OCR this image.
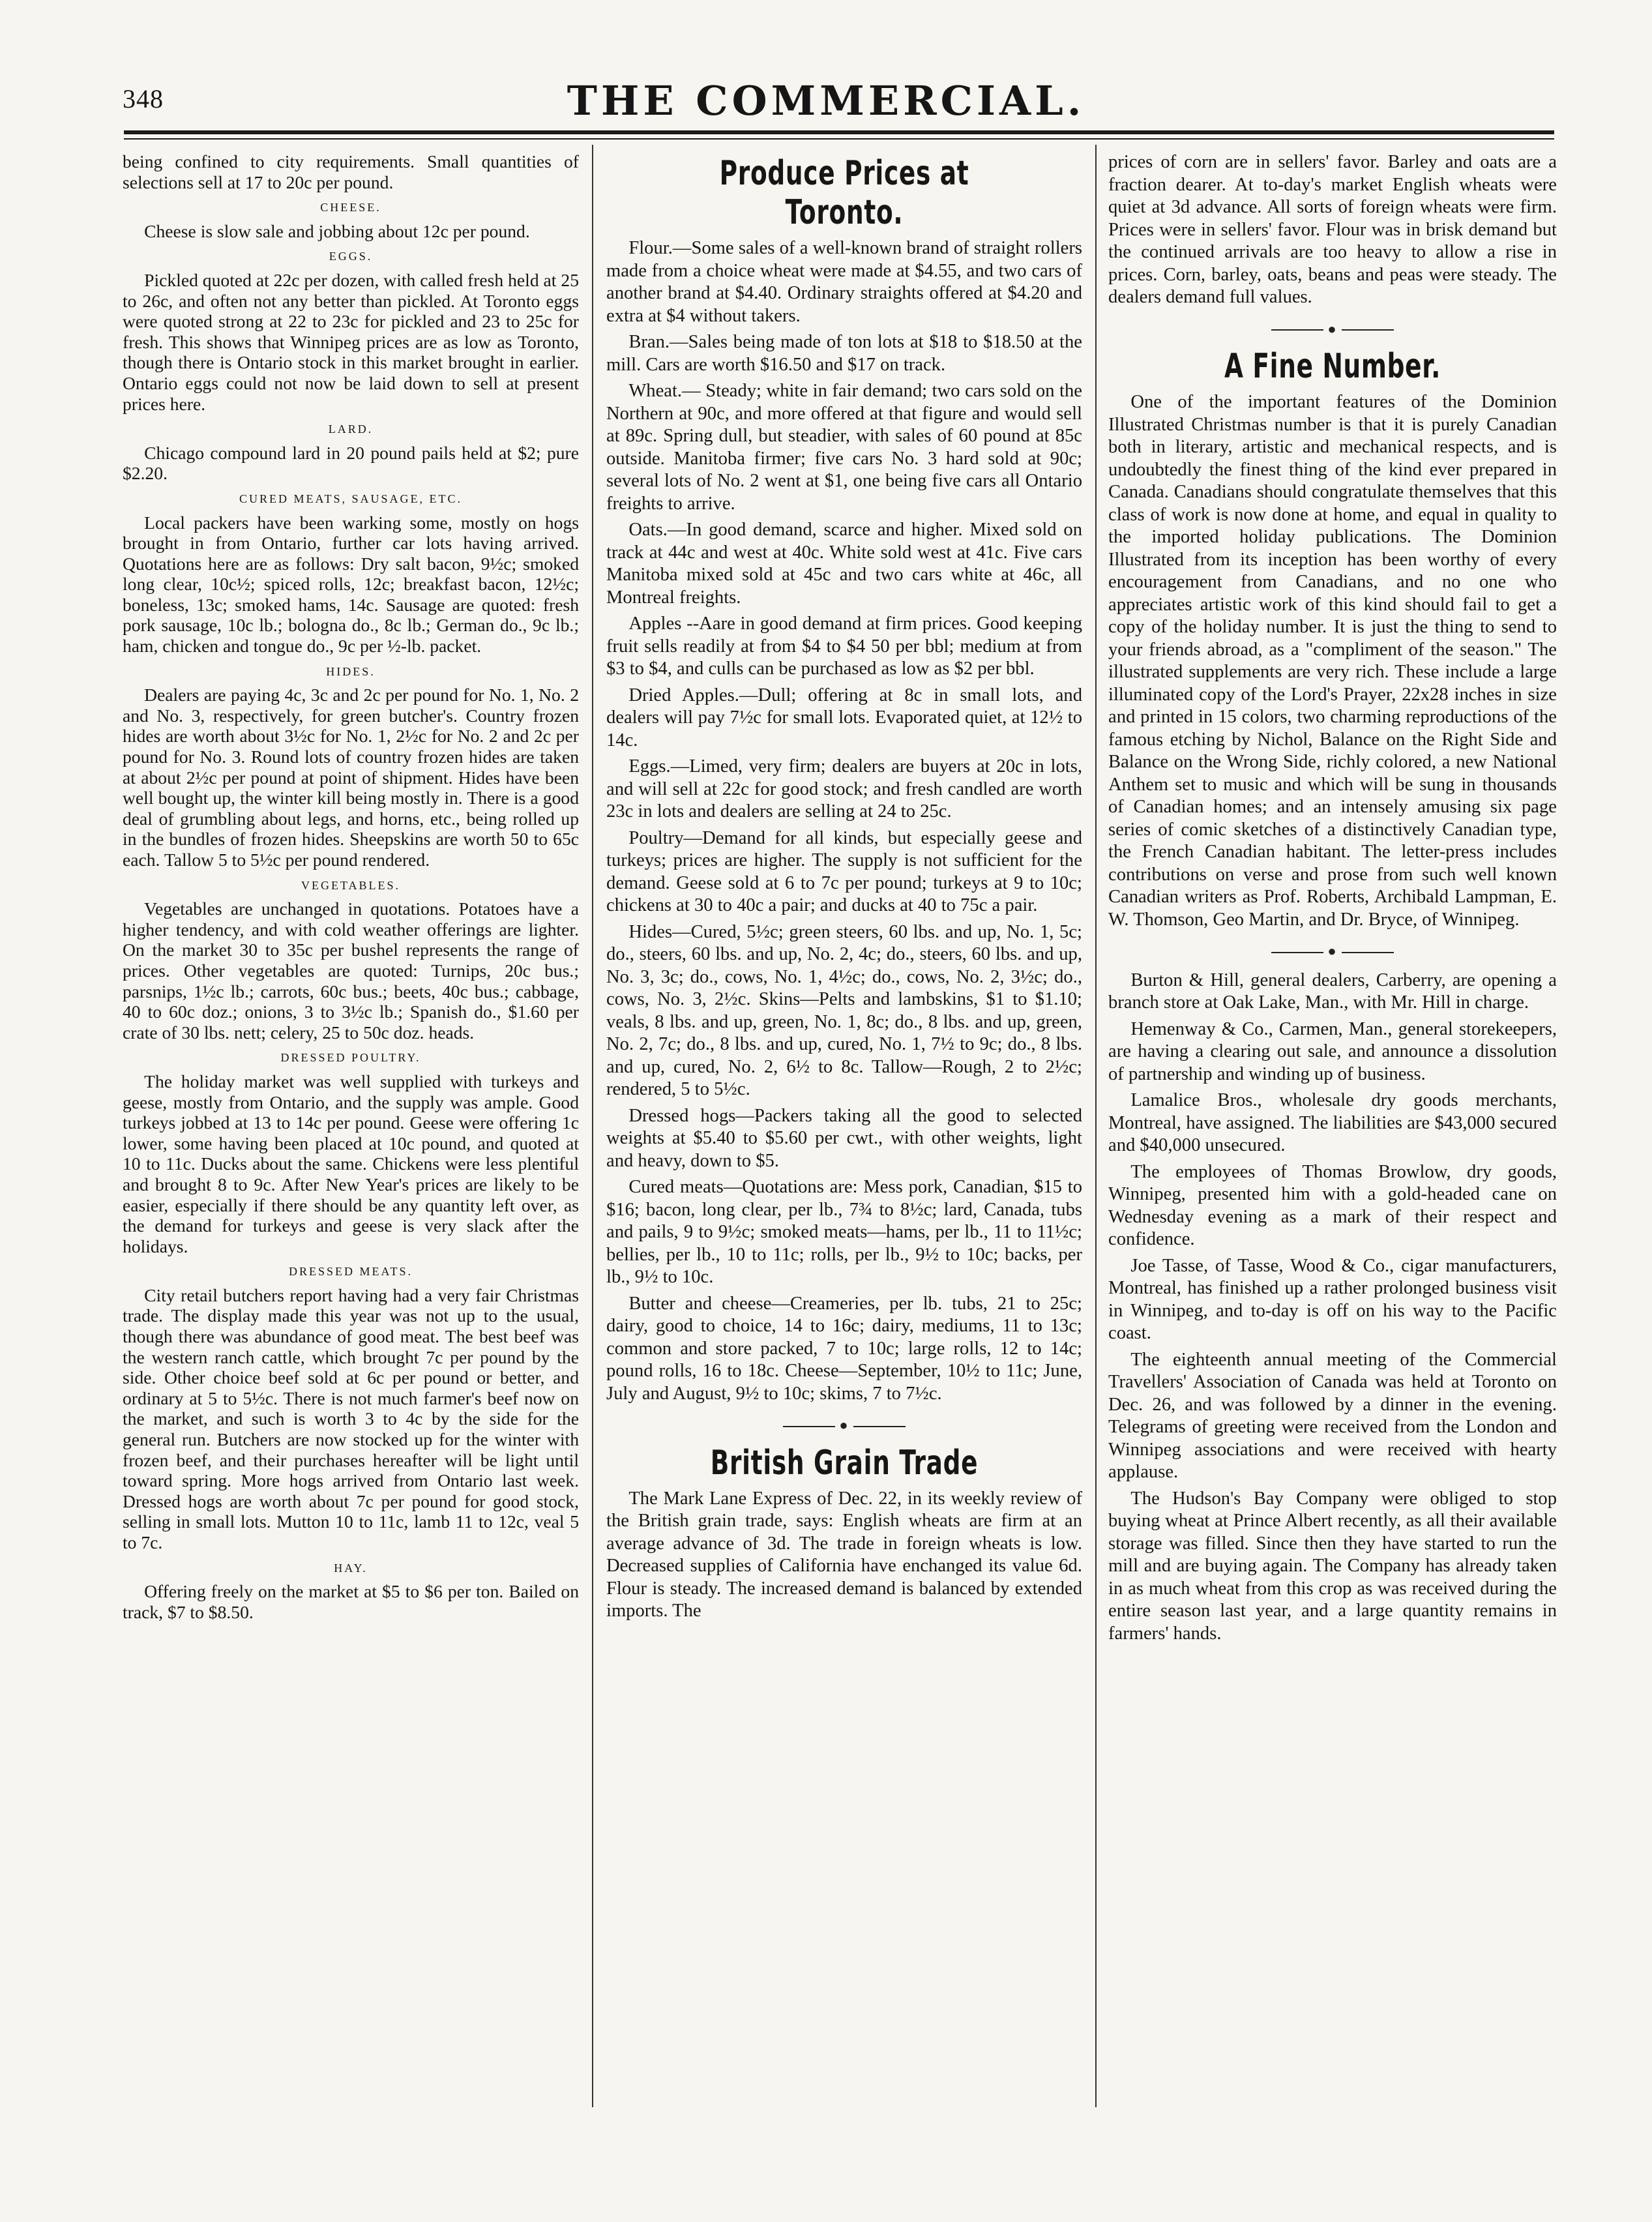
348	THE COMMERCIAL.

being confined to city requirements. Small quantities of selections sell at 17 to 20c per pound.

CHEESE.

Cheese is slow sale and jobbing about 12c per pound.

EGGS.

Pickled quoted at 22c per dozen, with called fresh held at 25 to 26c, and often not any better than pickled. At Toronto eggs were quoted strong at 22 to 23c for pickled and 23 to 25c for fresh. This shows that Winnipeg prices are as low as Toronto, though there is Ontario stock in this market brought in earlier. Ontario eggs could not now be laid down to sell at present prices here.

LARD.

Chicago compound lard in 20 pound pails held at $2; pure $2.20.

CURED MEATS, SAUSAGE, ETC.

Local packers have been warking some, mostly on hogs brought in from Ontario, further car lots having arrived. Quotations here are as follows: Dry salt bacon, 9½c; smoked long clear, 10c½; spiced rolls, 12c; breakfast bacon, 12½c; boneless, 13c; smoked hams, 14c. Sausage are quoted: fresh pork sausage, 10c lb.; bologna do., 8c lb.; German do., 9c lb.; ham, chicken and tongue do., 9c per ½-lb. packet.

HIDES.

Dealers are paying 4c, 3c and 2c per pound for No. 1, No. 2 and No. 3, respectively, for green butcher's. Country frozen hides are worth about 3½c for No. 1, 2½c for No. 2 and 2c per pound for No. 3. Round lots of country frozen hides are taken at about 2½c per pound at point of shipment. Hides have been well bought up, the winter kill being mostly in. There is a good deal of grumbling about legs, and horns, etc., being rolled up in the bundles of frozen hides. Sheepskins are worth 50 to 65c each. Tallow 5 to 5½c per pound rendered.

VEGETABLES.

Vegetables are unchanged in quotations. Potatoes have a higher tendency, and with cold weather offerings are lighter. On the market 30 to 35c per bushel represents the range of prices. Other vegetables are quoted: Turnips, 20c bus.; parsnips, 1½c lb.; carrots, 60c bus.; beets, 40c bus.; cabbage, 40 to 60c doz.; onions, 3 to 3½c lb.; Spanish do., $1.60 per crate of 30 lbs. nett; celery, 25 to 50c doz. heads.

DRESSED POULTRY.

The holiday market was well supplied with turkeys and geese, mostly from Ontario, and the supply was ample. Good turkeys jobbed at 13 to 14c per pound. Geese were offering 1c lower, some having been placed at 10c pound, and quoted at 10 to 11c. Ducks about the same. Chickens were less plentiful and brought 8 to 9c. After New Year's prices are likely to be easier, especially if there should be any quantity left over, as the demand for turkeys and geese is very slack after the holidays.

DRESSED MEATS.

City retail butchers report having had a very fair Christmas trade. The display made this year was not up to the usual, though there was abundance of good meat. The best beef was the western ranch cattle, which brought 7c per pound by the side. Other choice beef sold at 6c per pound or better, and ordinary at 5 to 5½c. There is not much farmer's beef now on the market, and such is worth 3 to 4c by the side for the general run. Butchers are now stocked up for the winter with frozen beef, and their purchases hereafter will be light until toward spring. More hogs arrived from Ontario last week. Dressed hogs are worth about 7c per pound for good stock, selling in small lots. Mutton 10 to 11c, lamb 11 to 12c, veal 5 to 7c.

HAY.

Offering freely on the market at $5 to $6 per ton. Bailed on track, $7 to $8.50.

Produce Prices at Toronto.

Flour.—Some sales of a well-known brand of straight rollers made from a choice wheat were made at $4.55, and two cars of another brand at $4.40. Ordinary straights offered at $4.20 and extra at $4 without takers.

Bran.—Sales being made of ton lots at $18 to $18.50 at the mill. Cars are worth $16.50 and $17 on track.

Wheat.— Steady; white in fair demand; two cars sold on the Northern at 90c, and more offered at that figure and would sell at 89c. Spring dull, but steadier, with sales of 60 pound at 85c outside. Manitoba firmer; five cars No. 3 hard sold at 90c; several lots of No. 2 went at $1, one being five cars all Ontario freights to arrive.

Oats.—In good demand, scarce and higher. Mixed sold on track at 44c and west at 40c. White sold west at 41c. Five cars Manitoba mixed sold at 45c and two cars white at 46c, all Montreal freights.

Apples --Aare in good demand at firm prices. Good keeping fruit sells readily at from $4 to $4 50 per bbl; medium at from $3 to $4, and culls can be purchased as low as $2 per bbl.

Dried Apples.—Dull; offering at 8c in small lots, and dealers will pay 7½c for small lots. Evaporated quiet, at 12½ to 14c.

Eggs.—Limed, very firm; dealers are buyers at 20c in lots, and will sell at 22c for good stock; and fresh candled are worth 23c in lots and dealers are selling at 24 to 25c.

Poultry—Demand for all kinds, but especially geese and turkeys; prices are higher. The supply is not sufficient for the demand. Geese sold at 6 to 7c per pound; turkeys at 9 to 10c; chickens at 30 to 40c a pair; and ducks at 40 to 75c a pair.

Hides—Cured, 5½c; green steers, 60 lbs. and up, No. 1, 5c; do., steers, 60 lbs. and up, No. 2, 4c; do., steers, 60 lbs. and up, No. 3, 3c; do., cows, No. 1, 4½c; do., cows, No. 2, 3½c; do., cows, No. 3, 2½c. Skins—Pelts and lambskins, $1 to $1.10; veals, 8 lbs. and up, green, No. 1, 8c; do., 8 lbs. and up, green, No. 2, 7c; do., 8 lbs. and up, cured, No. 1, 7½ to 9c; do., 8 lbs. and up, cured, No. 2, 6½ to 8c. Tallow—Rough, 2 to 2½c; rendered, 5 to 5½c.

Dressed hogs—Packers taking all the good to selected weights at $5.40 to $5.60 per cwt., with other weights, light and heavy, down to $5.

Cured meats—Quotations are: Mess pork, Canadian, $15 to $16; bacon, long clear, per lb., 7¾ to 8½c; lard, Canada, tubs and pails, 9 to 9½c; smoked meats—hams, per lb., 11 to 11½c; bellies, per lb., 10 to 11c; rolls, per lb., 9½ to 10c; backs, per lb., 9½ to 10c.

Butter and cheese—Creameries, per lb. tubs, 21 to 25c; dairy, good to choice, 14 to 16c; dairy, mediums, 11 to 13c; common and store packed, 7 to 10c; large rolls, 12 to 14c; pound rolls, 16 to 18c. Cheese—September, 10½ to 11c; June, July and August, 9½ to 10c; skims, 7 to 7½c.

●
British Grain Trade

The Mark Lane Express of Dec. 22, in its weekly review of the British grain trade, says: English wheats are firm at an average advance of 3d. The trade in foreign wheats is low. Decreased supplies of California have enchanged its value 6d. Flour is steady. The increased demand is balanced by extended imports. The

prices of corn are in sellers' favor. Barley and oats are a fraction dearer. At to-day's market English wheats were quiet at 3d advance. All sorts of foreign wheats were firm. Prices were in sellers' favor. Flour was in brisk demand but the continued arrivals are too heavy to allow a rise in prices. Corn, barley, oats, beans and peas were steady. The dealers demand full values.

●
A Fine Number.

One of the important features of the Dominion Illustrated Christmas number is that it is purely Canadian both in literary, artistic and mechanical respects, and is undoubtedly the finest thing of the kind ever prepared in Canada. Canadians should congratulate themselves that this class of work is now done at home, and equal in quality to the imported holiday publications. The Dominion Illustrated from its inception has been worthy of every encouragement from Canadians, and no one who appreciates artistic work of this kind should fail to get a copy of the holiday number. It is just the thing to send to your friends abroad, as a "compliment of the season." The illustrated supplements are very rich. These include a large illuminated copy of the Lord's Prayer, 22x28 inches in size and printed in 15 colors, two charming reproductions of the famous etching by Nichol, Balance on the Right Side and Balance on the Wrong Side, richly colored, a new National Anthem set to music and which will be sung in thousands of Canadian homes; and an intensely amusing six page series of comic sketches of a distinctively Canadian type, the French Canadian habitant. The letter-press includes contributions on verse and prose from such well known Canadian writers as Prof. Roberts, Archibald Lampman, E. W. Thomson, Geo Martin, and Dr. Bryce, of Winnipeg.

●

Burton & Hill, general dealers, Carberry, are opening a branch store at Oak Lake, Man., with Mr. Hill in charge.

Hemenway & Co., Carmen, Man., general storekeepers, are having a clearing out sale, and announce a dissolution of partnership and winding up of business.

Lamalice Bros., wholesale dry goods merchants, Montreal, have assigned. The liabilities are $43,000 secured and $40,000 unsecured.

The employees of Thomas Browlow, dry goods, Winnipeg, presented him with a gold-headed cane on Wednesday evening as a mark of their respect and confidence.

Joe Tasse, of Tasse, Wood & Co., cigar manufacturers, Montreal, has finished up a rather prolonged business visit in Winnipeg, and to-day is off on his way to the Pacific coast.

The eighteenth annual meeting of the Commercial Travellers' Association of Canada was held at Toronto on Dec. 26, and was followed by a dinner in the evening. Telegrams of greeting were received from the London and Winnipeg associations and were received with hearty applause.

The Hudson's Bay Company were obliged to stop buying wheat at Prince Albert recently, as all their available storage was filled. Since then they have started to run the mill and are buying again. The Company has already taken in as much wheat from this crop as was received during the entire season last year, and a large quantity remains in farmers' hands.
